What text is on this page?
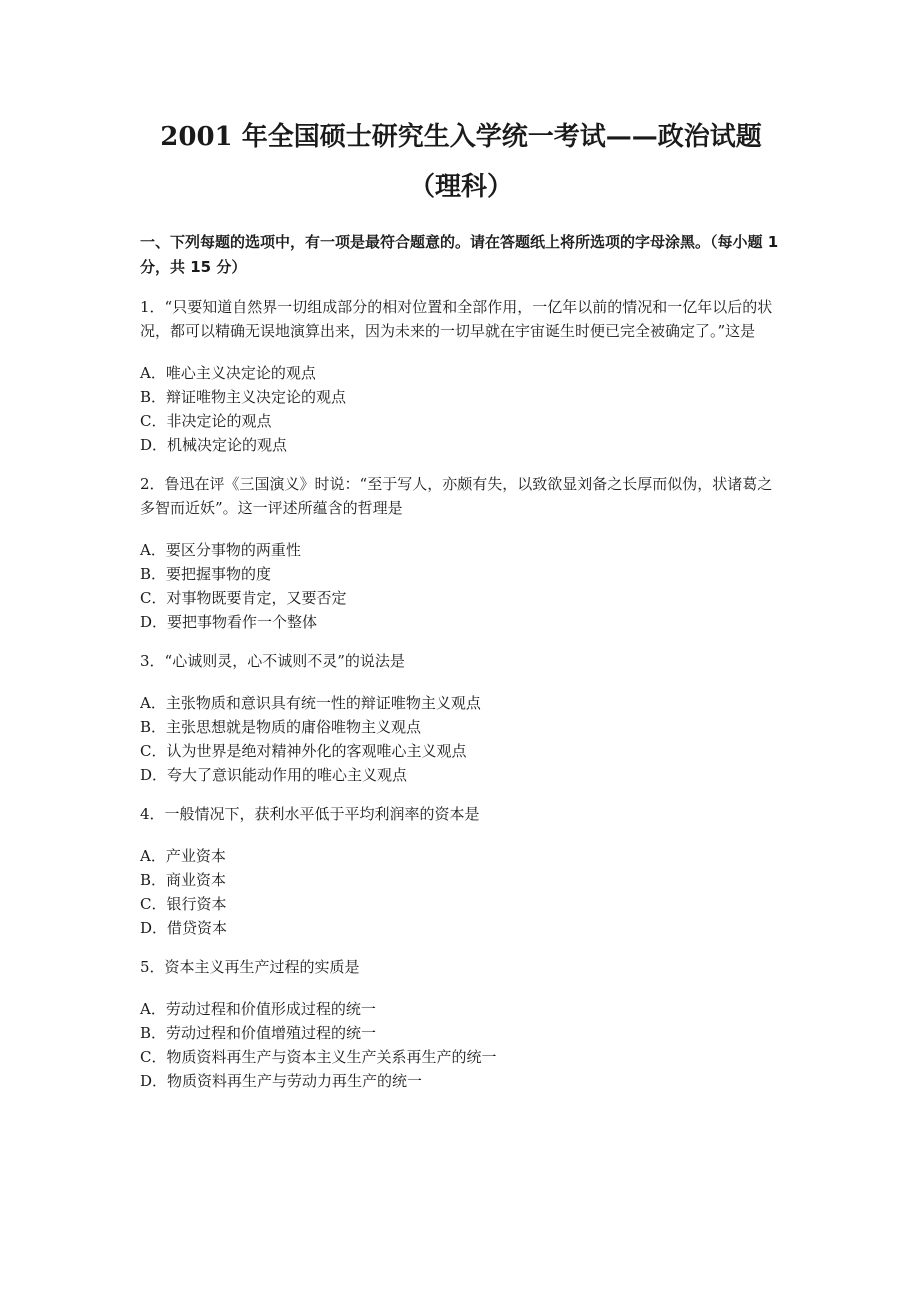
2001 年全国硕士研究生入学统一考试——政治试题
（理科）

一、下列每题的选项中，有一项是最符合题意的。请在答题纸上将所选项的字母涂黑。（每小题 1 分，共 15 分）

1．“只要知道自然界一切组成部分的相对位置和全部作用，一亿年以前的情况和一亿年以后的状况，都可以精确无误地演算出来，因为未来的一切早就在宇宙诞生时便已完全被确定了。”这是

A．唯心主义决定论的观点
B．辩证唯物主义决定论的观点
C．非决定论的观点
D．机械决定论的观点

2．鲁迅在评《三国演义》时说：“至于写人，亦颇有失，以致欲显刘备之长厚而似伪，状诸葛之多智而近妖”。这一评述所蕴含的哲理是

A．要区分事物的两重性
B．要把握事物的度
C．对事物既要肯定，又要否定
D．要把事物看作一个整体

3．“心诚则灵，心不诚则不灵”的说法是

A．主张物质和意识具有统一性的辩证唯物主义观点
B．主张思想就是物质的庸俗唯物主义观点
C．认为世界是绝对精神外化的客观唯心主义观点
D．夸大了意识能动作用的唯心主义观点

4．一般情况下，获利水平低于平均利润率的资本是

A．产业资本
B．商业资本
C．银行资本
D．借贷资本

5．资本主义再生产过程的实质是

A．劳动过程和价值形成过程的统一
B．劳动过程和价值增殖过程的统一
C．物质资料再生产与资本主义生产关系再生产的统一
D．物质资料再生产与劳动力再生产的统一
